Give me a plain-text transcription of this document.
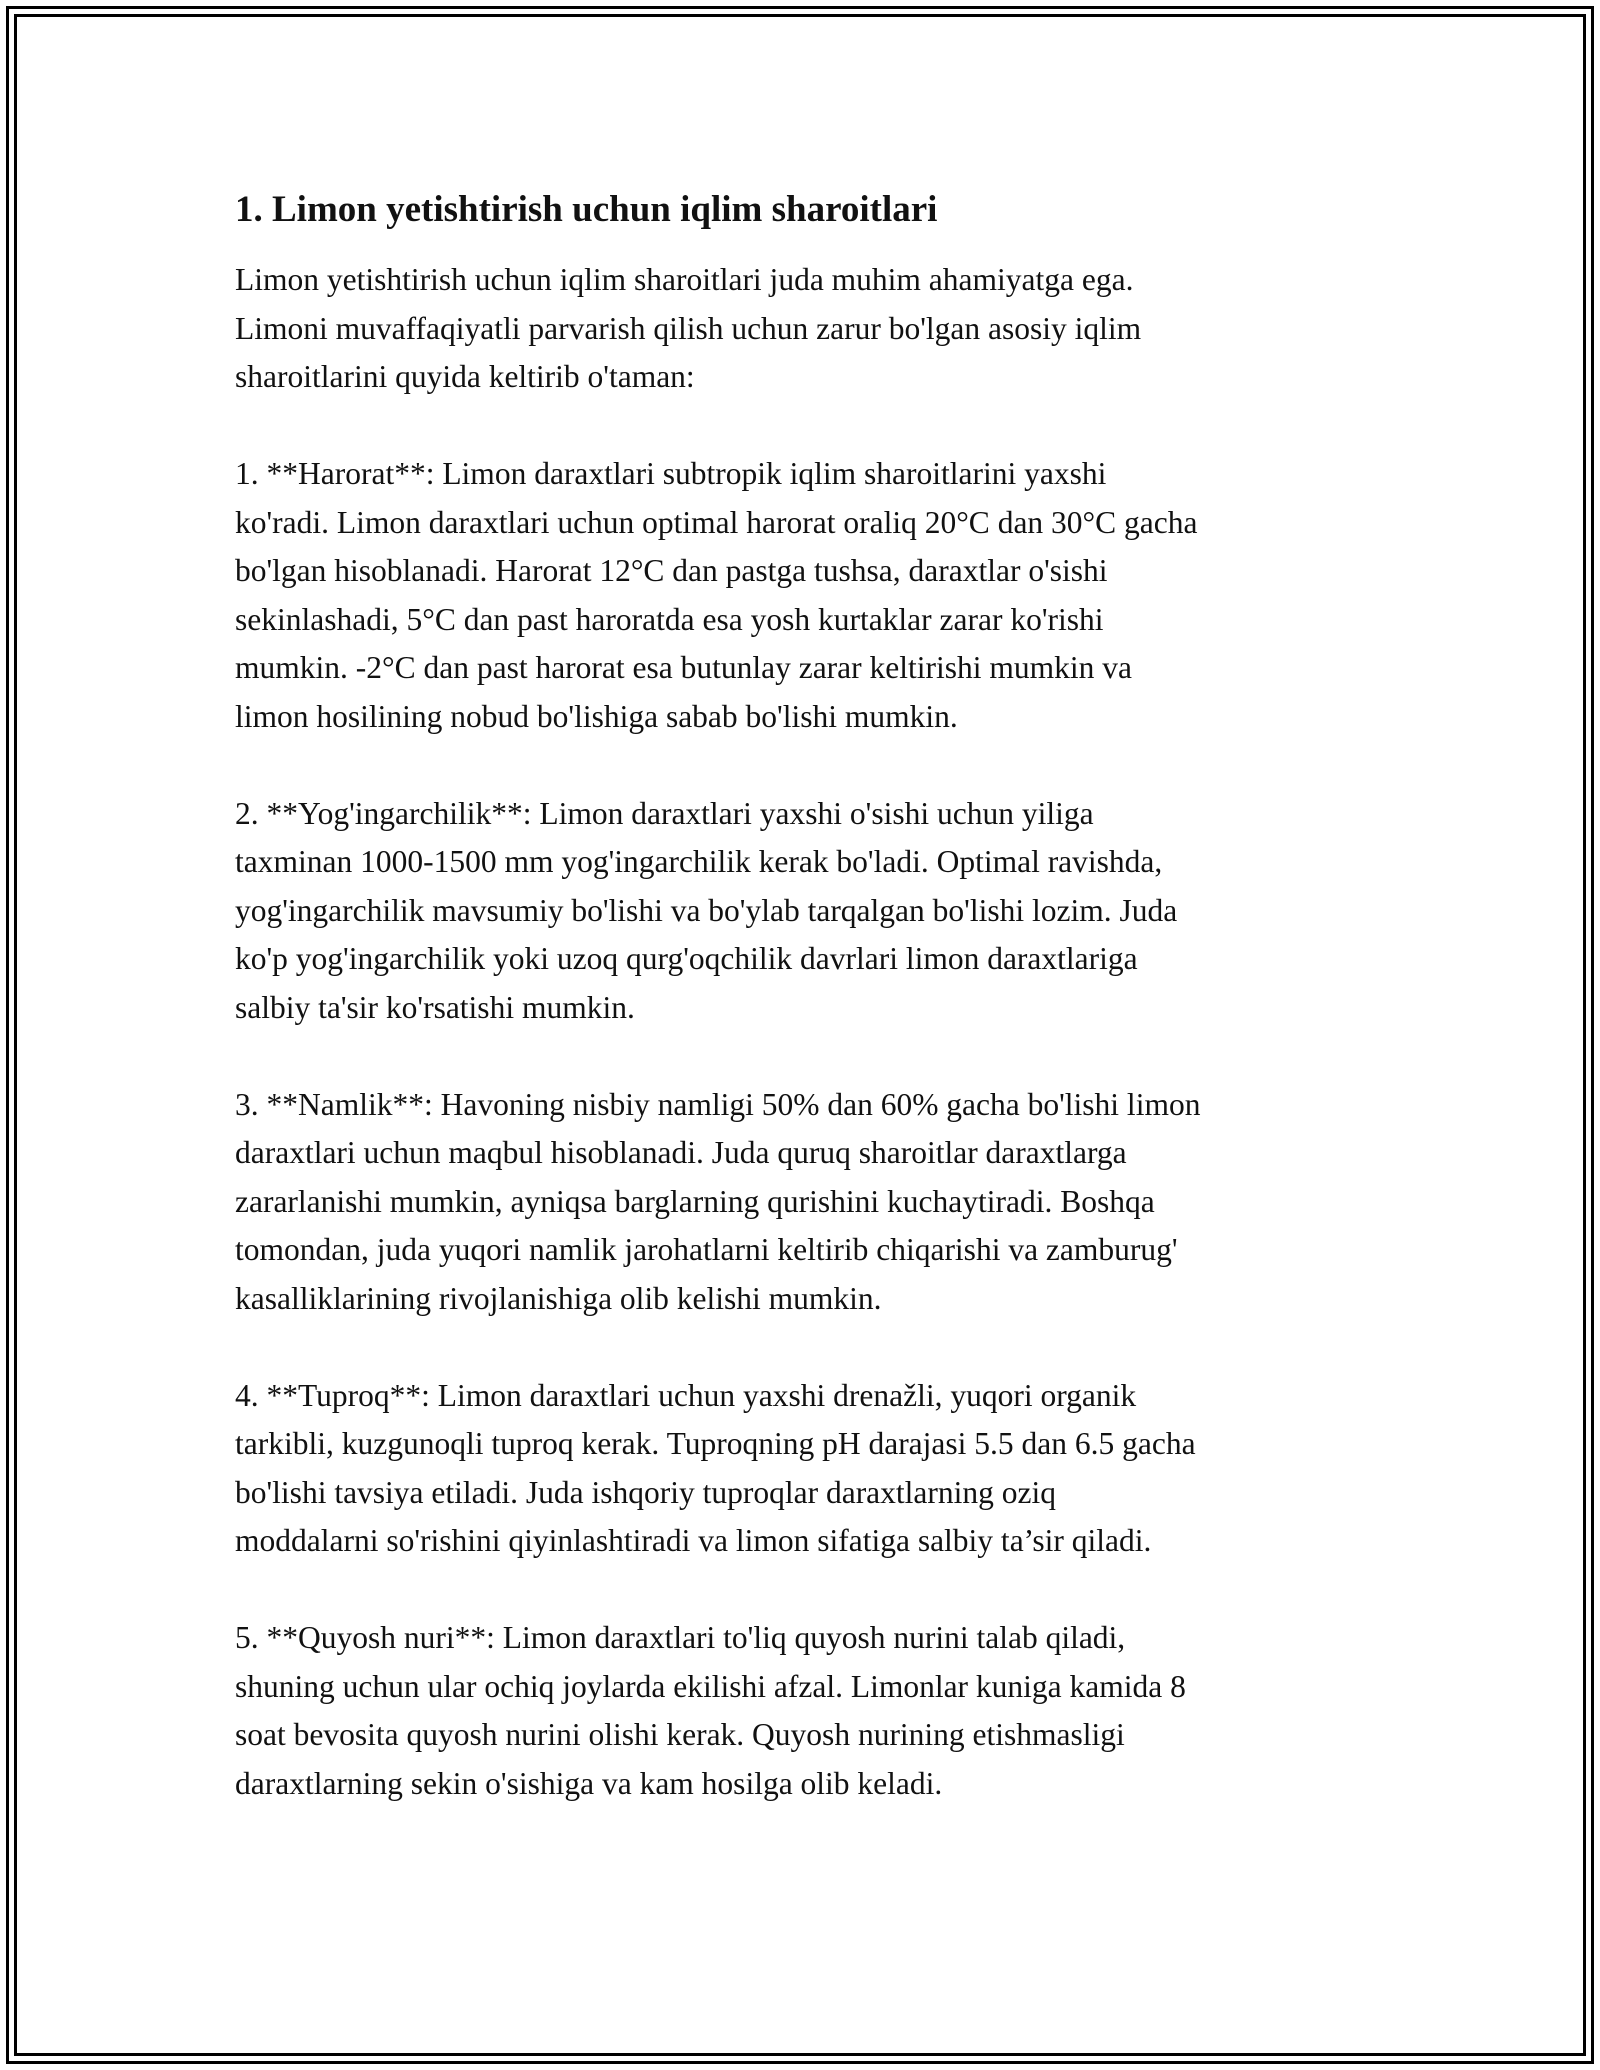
1. Limon yetishtirish uchun iqlim sharoitlari

Limon yetishtirish uchun iqlim sharoitlari juda muhim ahamiyatga ega.
Limoni muvaffaqiyatli parvarish qilish uchun zarur bo'lgan asosiy iqlim
sharoitlarini quyida keltirib o'taman:

1. **Harorat**: Limon daraxtlari subtropik iqlim sharoitlarini yaxshi
ko'radi. Limon daraxtlari uchun optimal harorat oraliq 20°C dan 30°C gacha
bo'lgan hisoblanadi. Harorat 12°C dan pastga tushsa, daraxtlar o'sishi
sekinlashadi, 5°C dan past haroratda esa yosh kurtaklar zarar ko'rishi
mumkin. -2°C dan past harorat esa butunlay zarar keltirishi mumkin va
limon hosilining nobud bo'lishiga sabab bo'lishi mumkin.

2. **Yog'ingarchilik**: Limon daraxtlari yaxshi o'sishi uchun yiliga
taxminan 1000-1500 mm yog'ingarchilik kerak bo'ladi. Optimal ravishda,
yog'ingarchilik mavsumiy bo'lishi va bo'ylab tarqalgan bo'lishi lozim. Juda
ko'p yog'ingarchilik yoki uzoq qurg'oqchilik davrlari limon daraxtlariga
salbiy ta'sir ko'rsatishi mumkin.

3. **Namlik**: Havoning nisbiy namligi 50% dan 60% gacha bo'lishi limon
daraxtlari uchun maqbul hisoblanadi. Juda quruq sharoitlar daraxtlarga
zararlanishi mumkin, ayniqsa barglarning qurishini kuchaytiradi. Boshqa
tomondan, juda yuqori namlik jarohatlarni keltirib chiqarishi va zamburug'
kasalliklarining rivojlanishiga olib kelishi mumkin.

4. **Tuproq**: Limon daraxtlari uchun yaxshi drenažli, yuqori organik
tarkibli, kuzgunoqli tuproq kerak. Tuproqning pH darajasi 5.5 dan 6.5 gacha
bo'lishi tavsiya etiladi. Juda ishqoriy tuproqlar daraxtlarning oziq
moddalarni so'rishini qiyinlashtiradi va limon sifatiga salbiy ta’sir qiladi.

5. **Quyosh nuri**: Limon daraxtlari to'liq quyosh nurini talab qiladi,
shuning uchun ular ochiq joylarda ekilishi afzal. Limonlar kuniga kamida 8
soat bevosita quyosh nurini olishi kerak. Quyosh nurining etishmasligi
daraxtlarning sekin o'sishiga va kam hosilga olib keladi.
